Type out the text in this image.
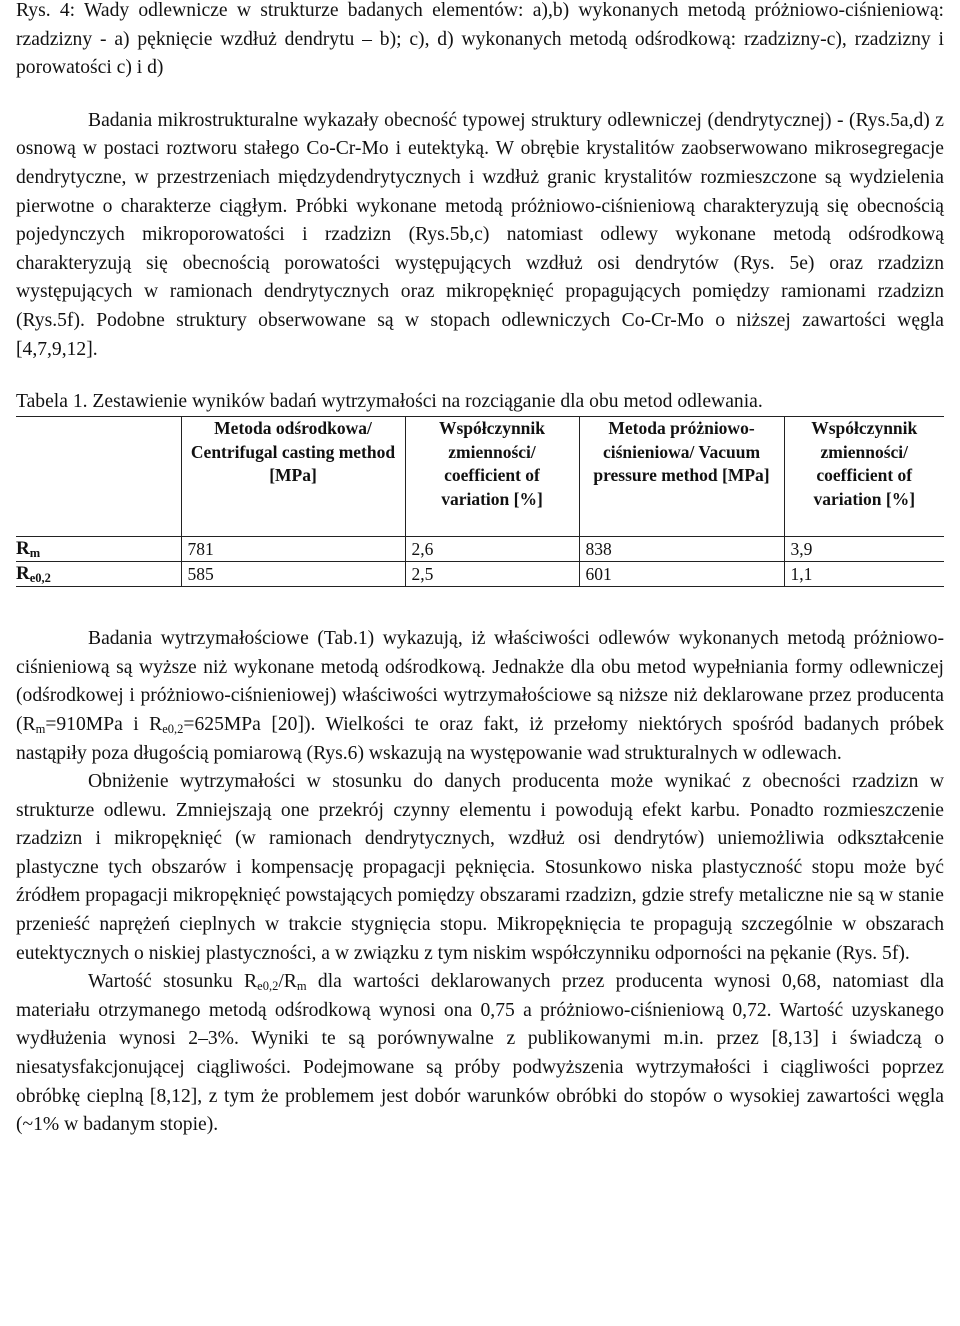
Rys. 4: Wady odlewnicze w strukturze badanych elementów: a),b) wykonanych metodą próżniowo-ciśnieniową: rzadzizny - a) pęknięcie wzdłuż dendrytu – b); c), d) wykonanych metodą odśrodkową: rzadzizny-c), rzadzizny i porowatości c) i d)

Badania mikrostrukturalne wykazały obecność typowej struktury odlewniczej (dendrytycznej) - (Rys.5a,d) z osnową w postaci roztworu stałego Co-Cr-Mo i eutektyką. W obrębie krystalitów zaobserwowano mikrosegregacje dendrytyczne, w przestrzeniach międzydendrytycznych i wzdłuż granic krystalitów rozmieszczone są wydzielenia pierwotne o charakterze ciągłym. Próbki wykonane metodą próżniowo-ciśnieniową charakteryzują się obecnością pojedynczych mikroporowatości i rzadzizn (Rys.5b,c) natomiast odlewy wykonane metodą odśrodkową charakteryzują się obecnością porowatości występujących wzdłuż osi dendrytów (Rys. 5e) oraz rzadzizn występujących w ramionach dendrytycznych oraz mikropęknięć propagujących pomiędzy ramionami rzadzizn (Rys.5f). Podobne struktury obserwowane są w stopach odlewniczych Co-Cr-Mo o niższej zawartości węgla [4,7,9,12].

Tabela 1. Zestawienie wyników badań wytrzymałości na rozciąganie dla obu metod odlewania.

	Metoda odśrodkowa/ Centrifugal casting method [MPa]	Współczynnik zmienności/ coefficient of variation [%]	Metoda próżniowo-ciśnieniowa/ Vacuum pressure method [MPa]	Współczynnik zmienności/ coefficient of variation [%]
$R_m$	781	2,6	838	3,9
$R_{e0,2}$	585	2,5	601	1,1

Badania wytrzymałościowe (Tab.1) wykazują, iż właściwości odlewów wykonanych metodą próżniowo-ciśnieniową są wyższe niż wykonane metodą odśrodkową. Jednakże dla obu metod wypełniania formy odlewniczej (odśrodkowej i próżniowo-ciśnieniowej) właściwości wytrzymałościowe są niższe niż deklarowane przez producenta ($R_m=910MPa$ i $R_{e0,2}=625MPa$ [20]). Wielkości te oraz fakt, iż przełomy niektórych spośród badanych próbek nastąpiły poza długością pomiarową (Rys.6) wskazują na występowanie wad strukturalnych w odlewach.

Obniżenie wytrzymałości w stosunku do danych producenta może wynikać z obecności rzadzizn w strukturze odlewu. Zmniejszają one przekrój czynny elementu i powodują efekt karbu. Ponadto rozmieszczenie rzadzizn i mikropęknięć (w ramionach dendrytycznych, wzdłuż osi dendrytów) uniemożliwia odkształcenie plastyczne tych obszarów i kompensację propagacji pęknięcia. Stosunkowo niska plastyczność stopu może być źródłem propagacji mikropęknięć powstających pomiędzy obszarami rzadzizn, gdzie strefy metaliczne nie są w stanie przenieść naprężeń cieplnych w trakcie stygnięcia stopu. Mikropęknięcia te propagują szczególnie w obszarach eutektycznych o niskiej plastyczności, a w związku z tym niskim współczynniku odporności na pękanie (Rys. 5f).

Wartość stosunku $R_{e0,2}/R_m$ dla wartości deklarowanych przez producenta wynosi 0,68, natomiast dla materiału otrzymanego metodą odśrodkową wynosi ona 0,75 a próżniowo-ciśnieniową 0,72. Wartość uzyskanego wydłużenia wynosi 2–3%. Wyniki te są porównywalne z publikowanymi m.in. przez [8,13] i świadczą o niesatysfakcjonującej ciągliwości. Podejmowane są próby podwyższenia wytrzymałości i ciągliwości poprzez obróbkę cieplną [8,12], z tym że problemem jest dobór warunków obróbki do stopów o wysokiej zawartości węgla (~1% w badanym stopie).
